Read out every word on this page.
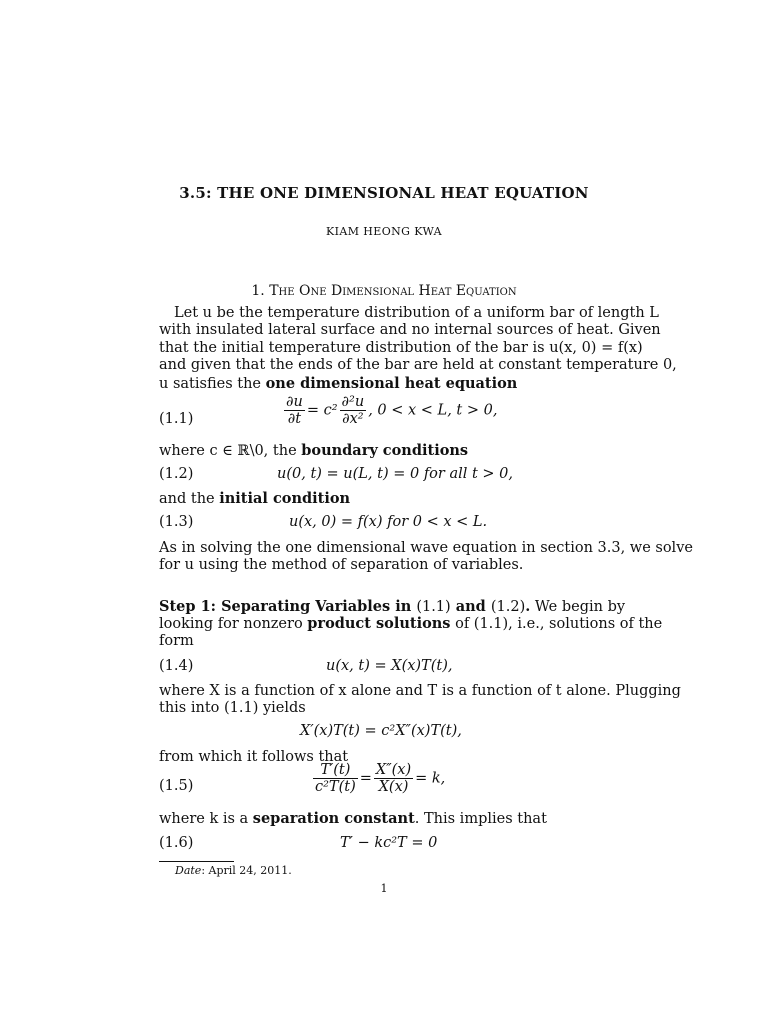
3.5: THE ONE DIMENSIONAL HEAT EQUATION
KIAM HEONG KWA
1. The One Dimensional Heat Equation
Let u be the temperature distribution of a uniform bar of length L
with insulated lateral surface and no internal sources of heat. Given
that the initial temperature distribution of the bar is u(x, 0) = f(x)
and given that the ends of the bar are held at constant temperature 0,
u satisfies the one dimensional heat equation
(1.1)	$\frac{\partial u}{\partial t} = c^2 \frac{\text{∂²u}}{\text{∂x²}}$ , 0 < x < L, t > 0,
where c ∈ ℝ\0, the boundary conditions
(1.2)	u(0, t) = u(L, t) = 0 for all t > 0,
and the initial condition
(1.3)	u(x, 0) = f(x) for 0 < x < L.
As in solving the one dimensional wave equation in section 3.3, we solve
for u using the method of separation of variables.
Step 1: Separating Variables in (1.1) and (1.2). We begin by
looking for nonzero product solutions of (1.1), i.e., solutions of the
form
(1.4)	u(x, t) = X(x)T(t),
where X is a function of x alone and T is a function of t alone. Plugging
this into (1.1) yields
X′(x)T(t) = c²X″(x)T(t),
from which it follows that
(1.5)	$\frac{T'(t)}{\text{c²T(t)}} = \frac{X''(x)}{X(x)} = k$,
where k is a separation constant. This implies that
(1.6)	T′ − kc²T = 0
Date: April 24, 2011.
1
